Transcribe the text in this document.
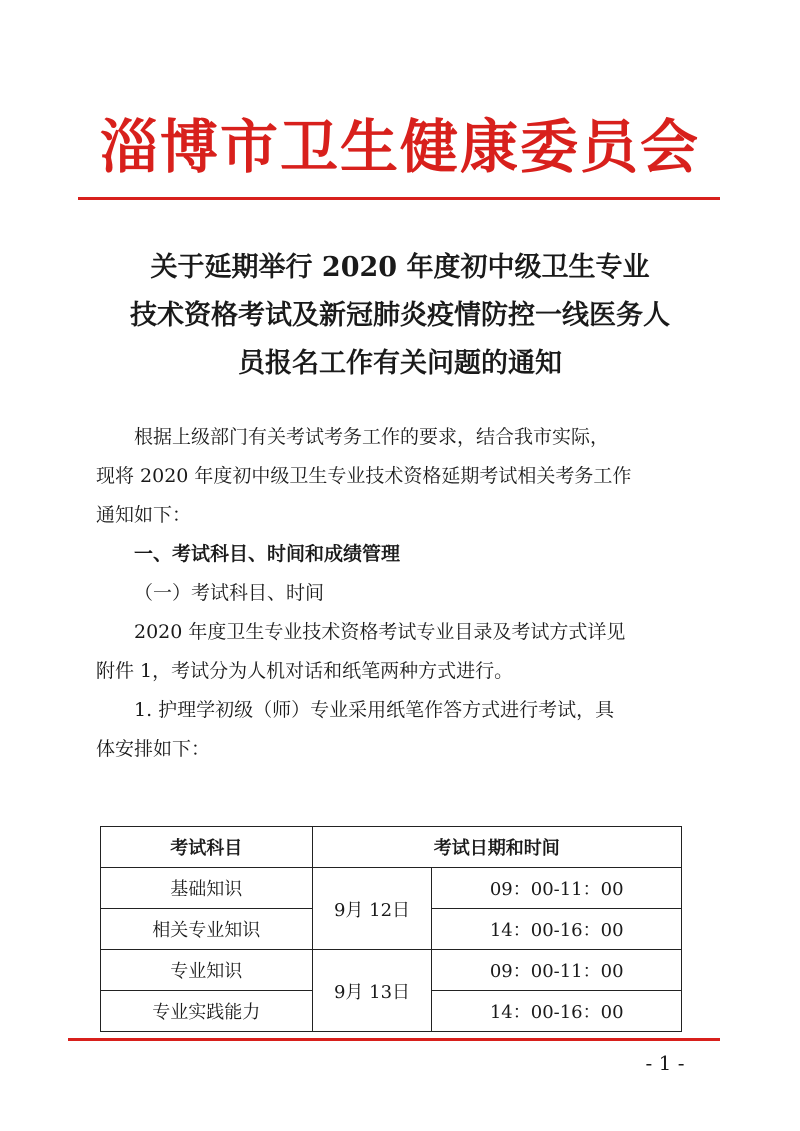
淄博市卫生健康委员会
关于延期举行 2020 年度初中级卫生专业
技术资格考试及新冠肺炎疫情防控一线医务人
员报名工作有关问题的通知
根据上级部门有关考试考务工作的要求，结合我市实际，
现将 2020 年度初中级卫生专业技术资格延期考试相关考务工作
通知如下：
一、考试科目、时间和成绩管理
（一）考试科目、时间
2020 年度卫生专业技术资格考试专业目录及考试方式详见
附件 1，考试分为人机对话和纸笔两种方式进行。
1. 护理学初级（师）专业采用纸笔作答方式进行考试，具
体安排如下：
考试科目	考试日期和时间	
基础知识	9月 12日	09：00-11：00
相关专业知识		14：00-16：00
专业知识	9月 13日	09：00-11：00
专业实践能力		14：00-16：00
- 1 -
